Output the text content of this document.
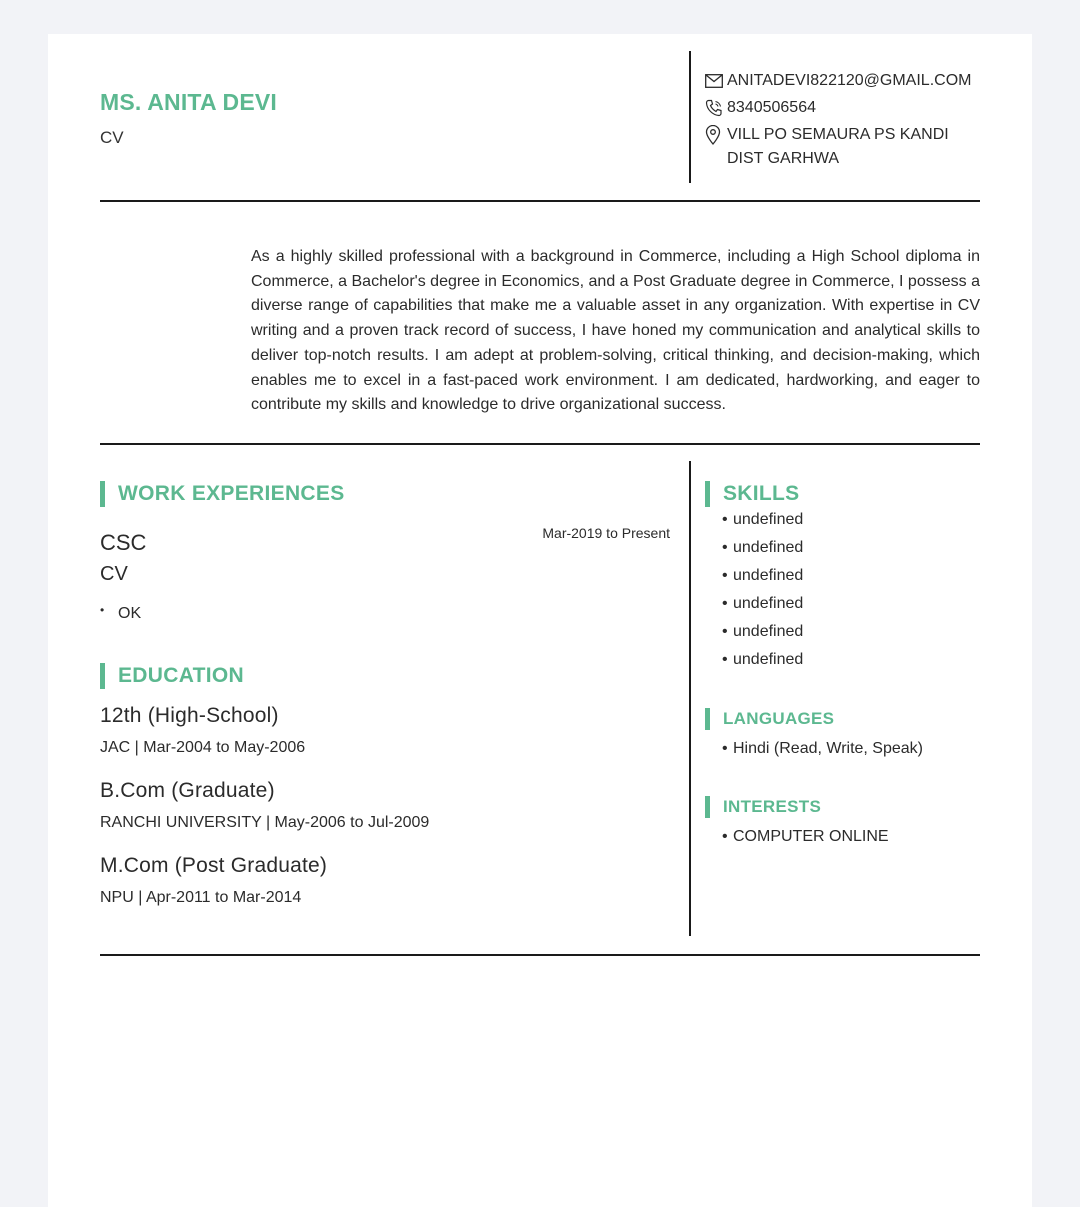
MS. ANITA DEVI
CV
ANITADEVI822120@GMAIL.COM
8340506564
VILL PO SEMAURA PS KANDI
DIST GARHWA
As a highly skilled professional with a background in Commerce, including a High School diploma in Commerce, a Bachelor's degree in Economics, and a Post Graduate degree in Commerce, I possess a diverse range of capabilities that make me a valuable asset in any organization. With expertise in CV writing and a proven track record of success, I have honed my communication and analytical skills to deliver top-notch results. I am adept at problem-solving, critical thinking, and decision-making, which enables me to excel in a fast-paced work environment. I am dedicated, hardworking, and eager to contribute my skills and knowledge to drive organizational success.
WORK EXPERIENCES
CSC	Mar-2019 to Present
CV
• OK
EDUCATION
12th (High-School)
JAC | Mar-2004 to May-2006
B.Com (Graduate)
RANCHI UNIVERSITY | May-2006 to Jul-2009
M.Com (Post Graduate)
NPU | Apr-2011 to Mar-2014
SKILLS
• undefined
• undefined
• undefined
• undefined
• undefined
• undefined
LANGUAGES
• Hindi (Read, Write, Speak)
INTERESTS
• COMPUTER ONLINE
